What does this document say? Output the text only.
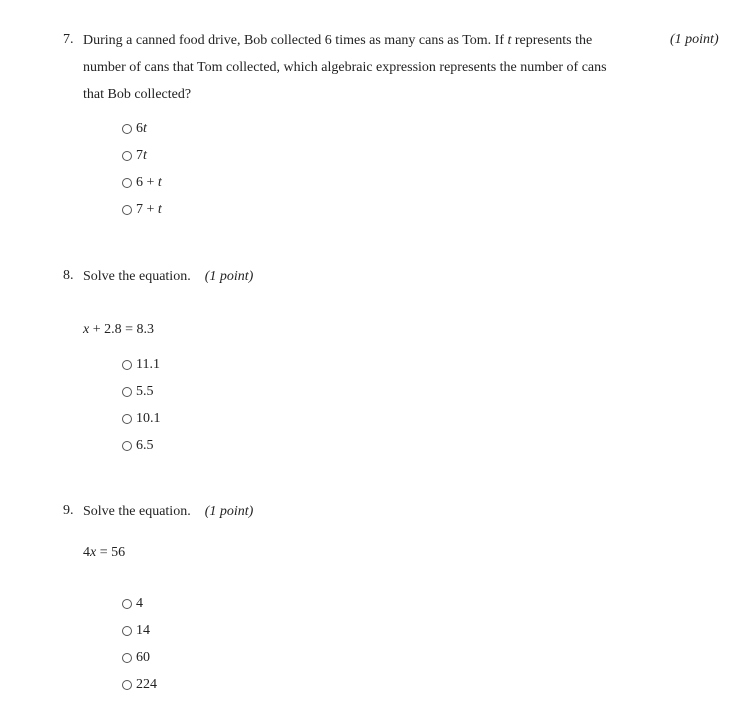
7. During a canned food drive, Bob collected 6 times as many cans as Tom. If t represents the
number of cans that Tom collected, which algebraic expression represents the number of cans
that Bob collected?
(1 point)
6t
7t
6 + t
7 + t
8. Solve the equation. (1 point)
x + 2.8 = 8.3
11.1
5.5
10.1
6.5
9. Solve the equation. (1 point)
4x = 56
4
14
60
224
